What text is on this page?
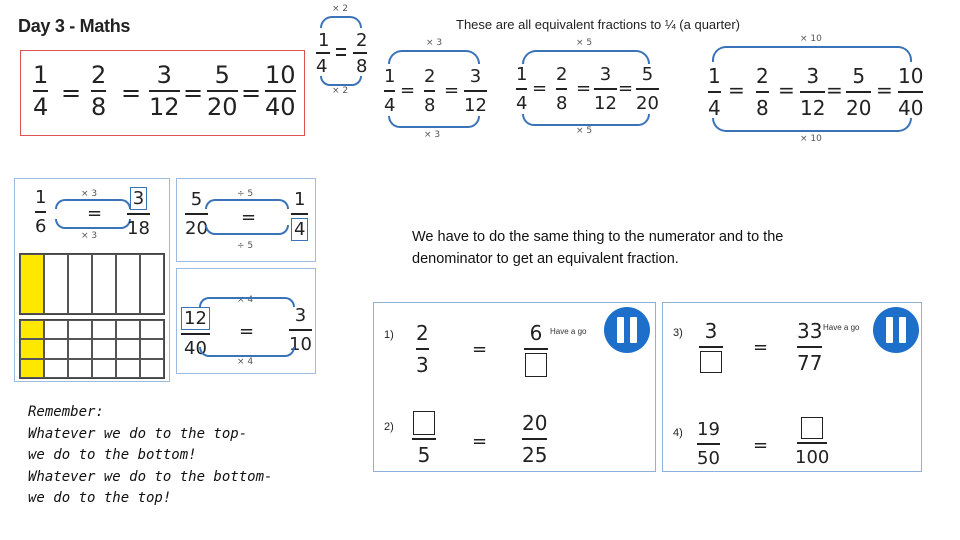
Day 3 - Maths	These are all equivalent fractions to ¼ (a quarter)
1
4 =
2
8 =
3
12 =
5
20 =
10
40
× 2
1 2
4 8
× 2
× 3
1
4
=
2
8
=
3
12
× 3
× 5
1
4
=
2
8
=
3
12
=
5
20
× 5
× 10
1
4
=
2
8
=
3
12
=
5
20
=
10
40
× 10
1
6
× 3
=
× $3 \frac{3}{18} 5$
20
÷ 5
=
÷ 5
$\frac{1}{4}$
× 4
$\frac{12}{40}$ =
3
10
× 4
We have to do the same thing to the numerator and to the
denominator to get an equivalent fraction.
Remember:
Whatever we do to the top-
we do to the bottom!
Whatever we do to the bottom-
we do to the top!
Have a go
1) 2
3
=
6
2)
5
=
20
25
Have a go
3) 3
=
33
77
4) 19
50
=
100
